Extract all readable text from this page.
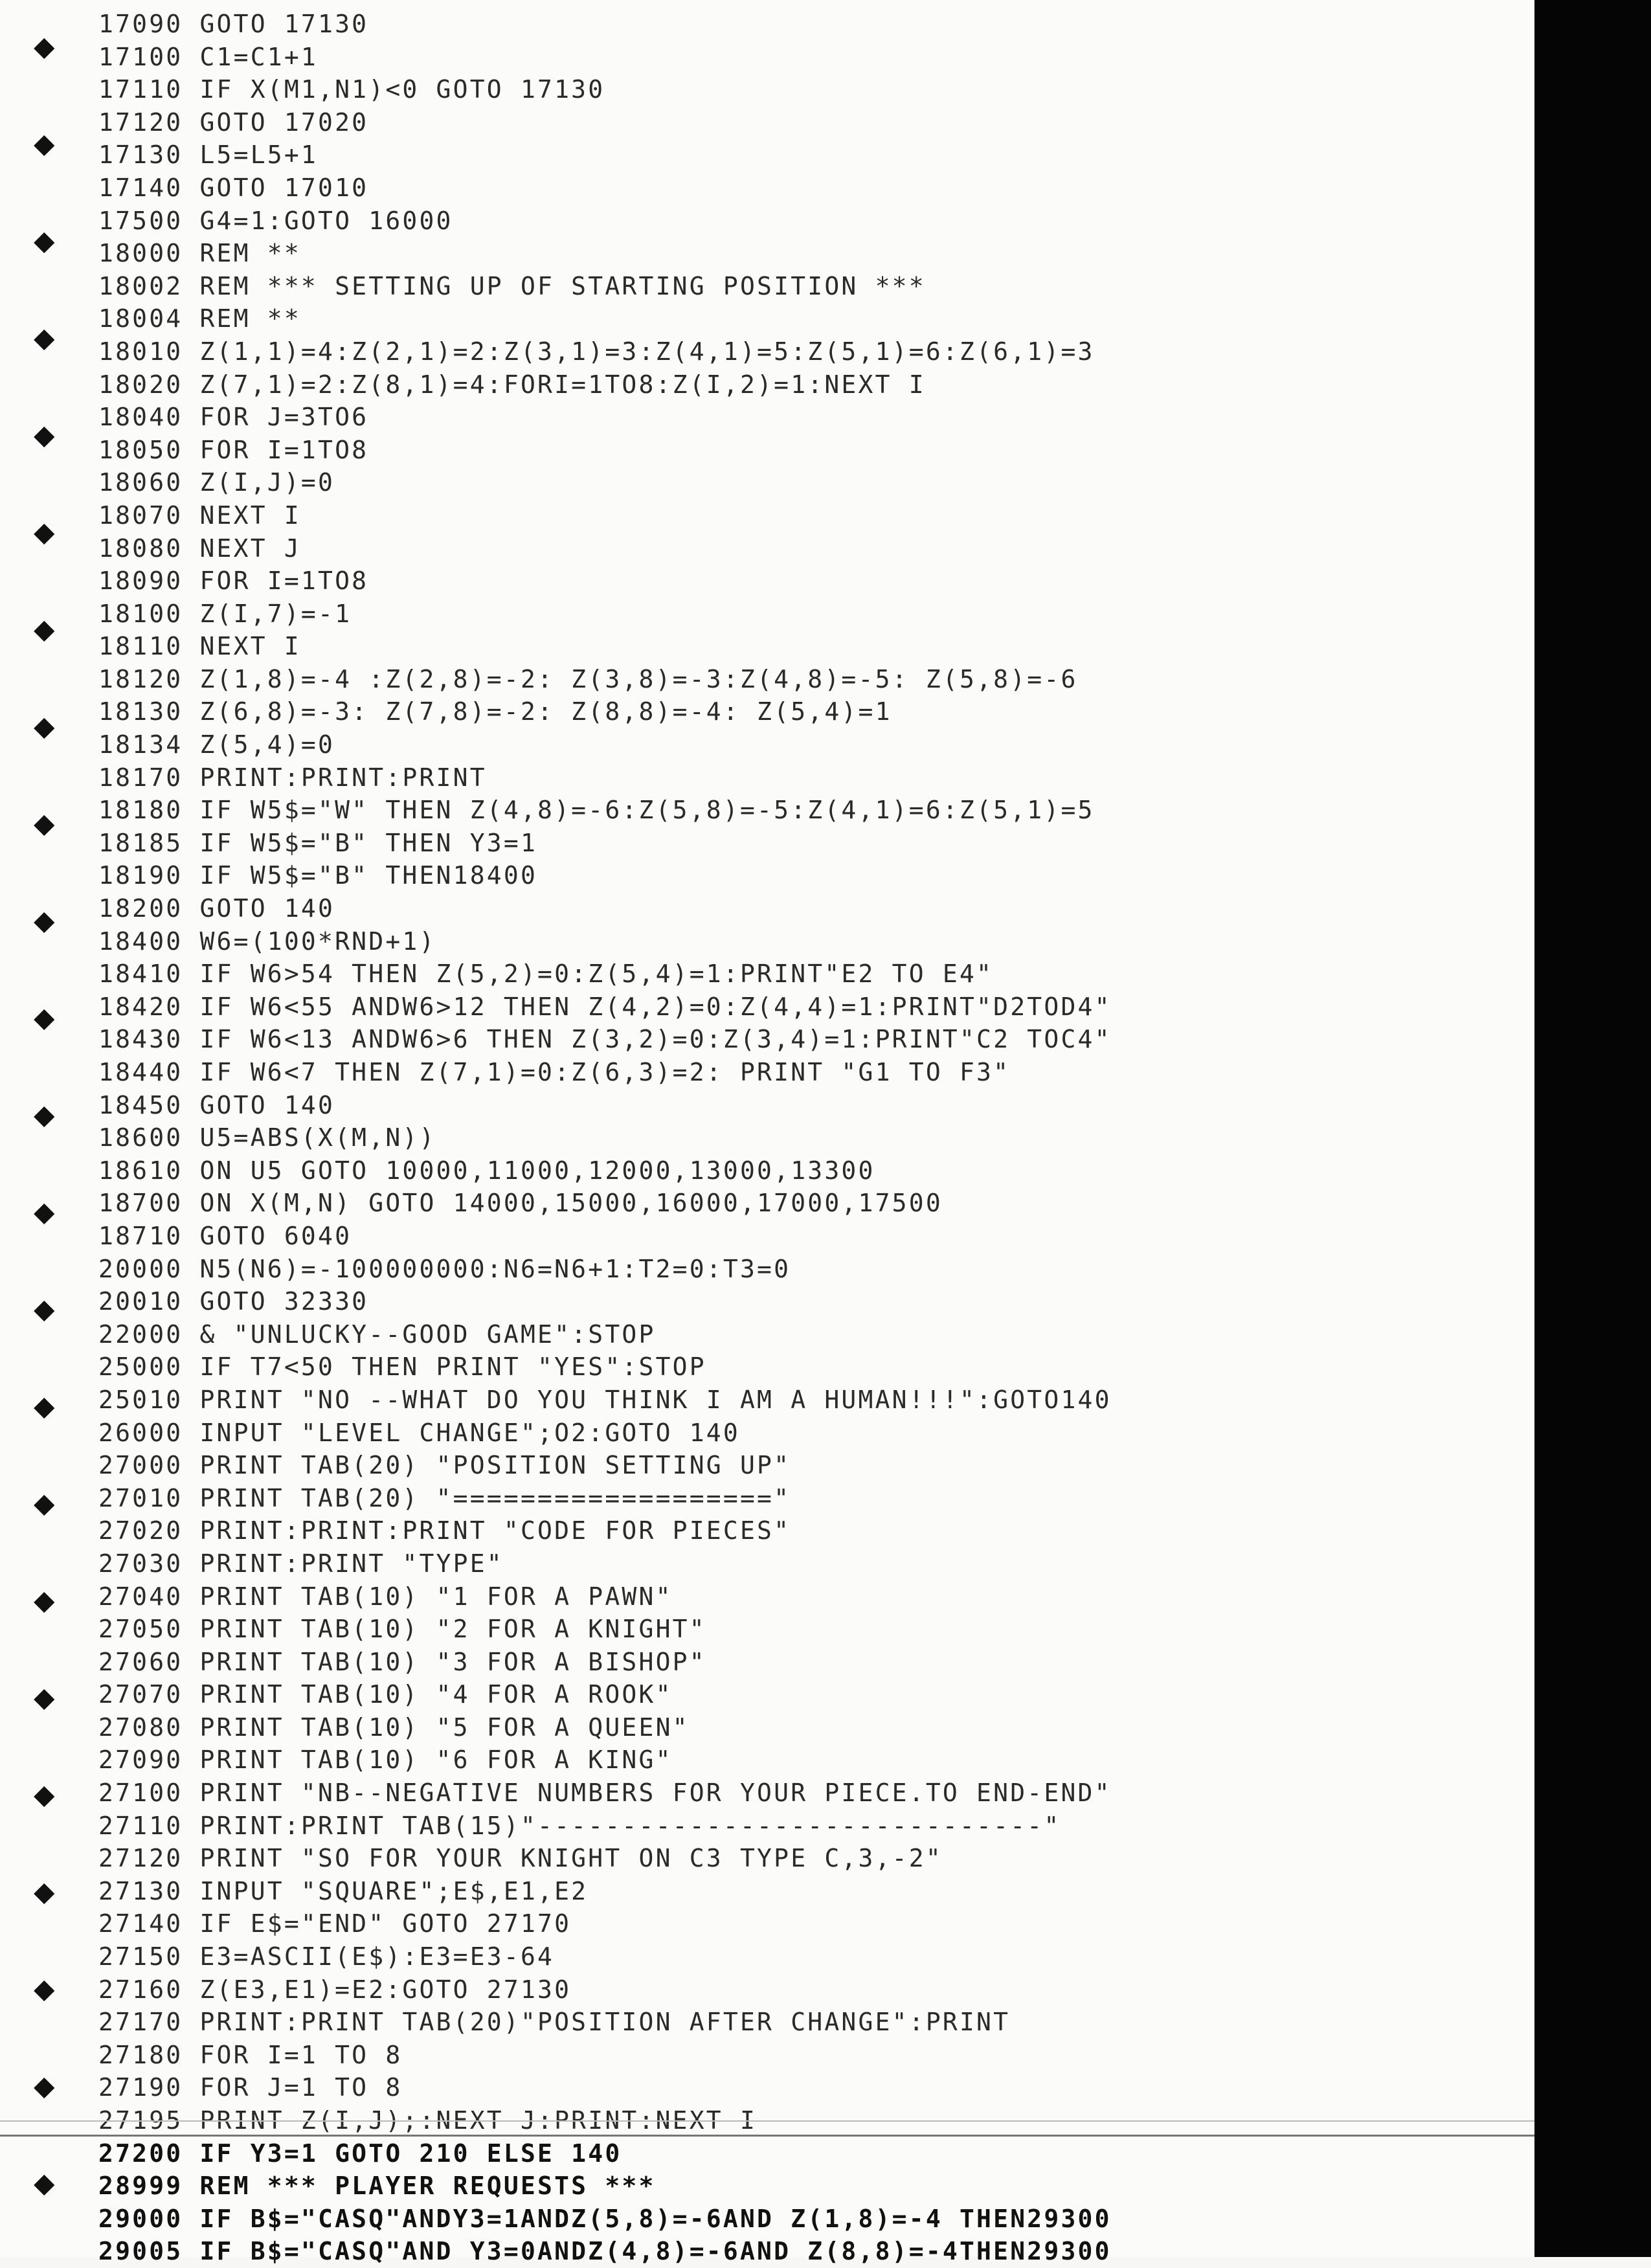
◆
◆
◆
◆
◆
◆
◆
◆
◆
◆
◆
◆
◆
◆
◆
◆
◆
◆
◆
◆
◆
◆
◆
17090 GOTO 17130
17100 C1=C1+1
17110 IF X(M1,N1)<0 GOTO 17130
17120 GOTO 17020
17130 L5=L5+1
17140 GOTO 17010
17500 G4=1:GOTO 16000
18000 REM **
18002 REM *** SETTING UP OF STARTING POSITION ***
18004 REM **
18010 Z(1,1)=4:Z(2,1)=2:Z(3,1)=3:Z(4,1)=5:Z(5,1)=6:Z(6,1)=3
18020 Z(7,1)=2:Z(8,1)=4:FORI=1TO8:Z(I,2)=1:NEXT I
18040 FOR J=3TO6
18050 FOR I=1TO8
18060 Z(I,J)=0
18070 NEXT I
18080 NEXT J
18090 FOR I=1TO8
18100 Z(I,7)=-1
18110 NEXT I
18120 Z(1,8)=-4 :Z(2,8)=-2: Z(3,8)=-3:Z(4,8)=-5: Z(5,8)=-6
18130 Z(6,8)=-3: Z(7,8)=-2: Z(8,8)=-4: Z(5,4)=1
18134 Z(5,4)=0
18170 PRINT:PRINT:PRINT
18180 IF W5$="W" THEN Z(4,8)=-6:Z(5,8)=-5:Z(4,1)=6:Z(5,1)=5
18185 IF W5$="B" THEN Y3=1
18190 IF W5$="B" THEN18400
18200 GOTO 140
18400 W6=(100*RND+1)
18410 IF W6>54 THEN Z(5,2)=0:Z(5,4)=1:PRINT"E2 TO E4"
18420 IF W6<55 ANDW6>12 THEN Z(4,2)=0:Z(4,4)=1:PRINT"D2TOD4"
18430 IF W6<13 ANDW6>6 THEN Z(3,2)=0:Z(3,4)=1:PRINT"C2 TOC4"
18440 IF W6<7 THEN Z(7,1)=0:Z(6,3)=2: PRINT "G1 TO F3"
18450 GOTO 140
18600 U5=ABS(X(M,N))
18610 ON U5 GOTO 10000,11000,12000,13000,13300
18700 ON X(M,N) GOTO 14000,15000,16000,17000,17500
18710 GOTO 6040
20000 N5(N6)=-100000000:N6=N6+1:T2=0:T3=0
20010 GOTO 32330
22000 & "UNLUCKY--GOOD GAME":STOP
25000 IF T7<50 THEN PRINT "YES":STOP
25010 PRINT "NO --WHAT DO YOU THINK I AM A HUMAN!!!":GOTO140
26000 INPUT "LEVEL CHANGE";O2:GOTO 140
27000 PRINT TAB(20) "POSITION SETTING UP"
27010 PRINT TAB(20) "==================="
27020 PRINT:PRINT:PRINT "CODE FOR PIECES"
27030 PRINT:PRINT "TYPE"
27040 PRINT TAB(10) "1 FOR A PAWN"
27050 PRINT TAB(10) "2 FOR A KNIGHT"
27060 PRINT TAB(10) "3 FOR A BISHOP"
27070 PRINT TAB(10) "4 FOR A ROOK"
27080 PRINT TAB(10) "5 FOR A QUEEN"
27090 PRINT TAB(10) "6 FOR A KING"
27100 PRINT "NB--NEGATIVE NUMBERS FOR YOUR PIECE.TO END-END"
27110 PRINT:PRINT TAB(15)"------------------------------"
27120 PRINT "SO FOR YOUR KNIGHT ON C3 TYPE C,3,-2"
27130 INPUT "SQUARE";E$,E1,E2
27140 IF E$="END" GOTO 27170
27150 E3=ASCII(E$):E3=E3-64
27160 Z(E3,E1)=E2:GOTO 27130
27170 PRINT:PRINT TAB(20)"POSITION AFTER CHANGE":PRINT
27180 FOR I=1 TO 8
27190 FOR J=1 TO 8
27195 PRINT Z(I,J);:NEXT J:PRINT:NEXT I
27200 IF Y3=1 GOTO 210 ELSE 140
28999 REM *** PLAYER REQUESTS ***
29000 IF B$="CASQ"ANDY3=1ANDZ(5,8)=-6AND Z(1,8)=-4 THEN29300
29005 IF B$="CASQ"AND Y3=0ANDZ(4,8)=-6AND Z(8,8)=-4THEN29300
